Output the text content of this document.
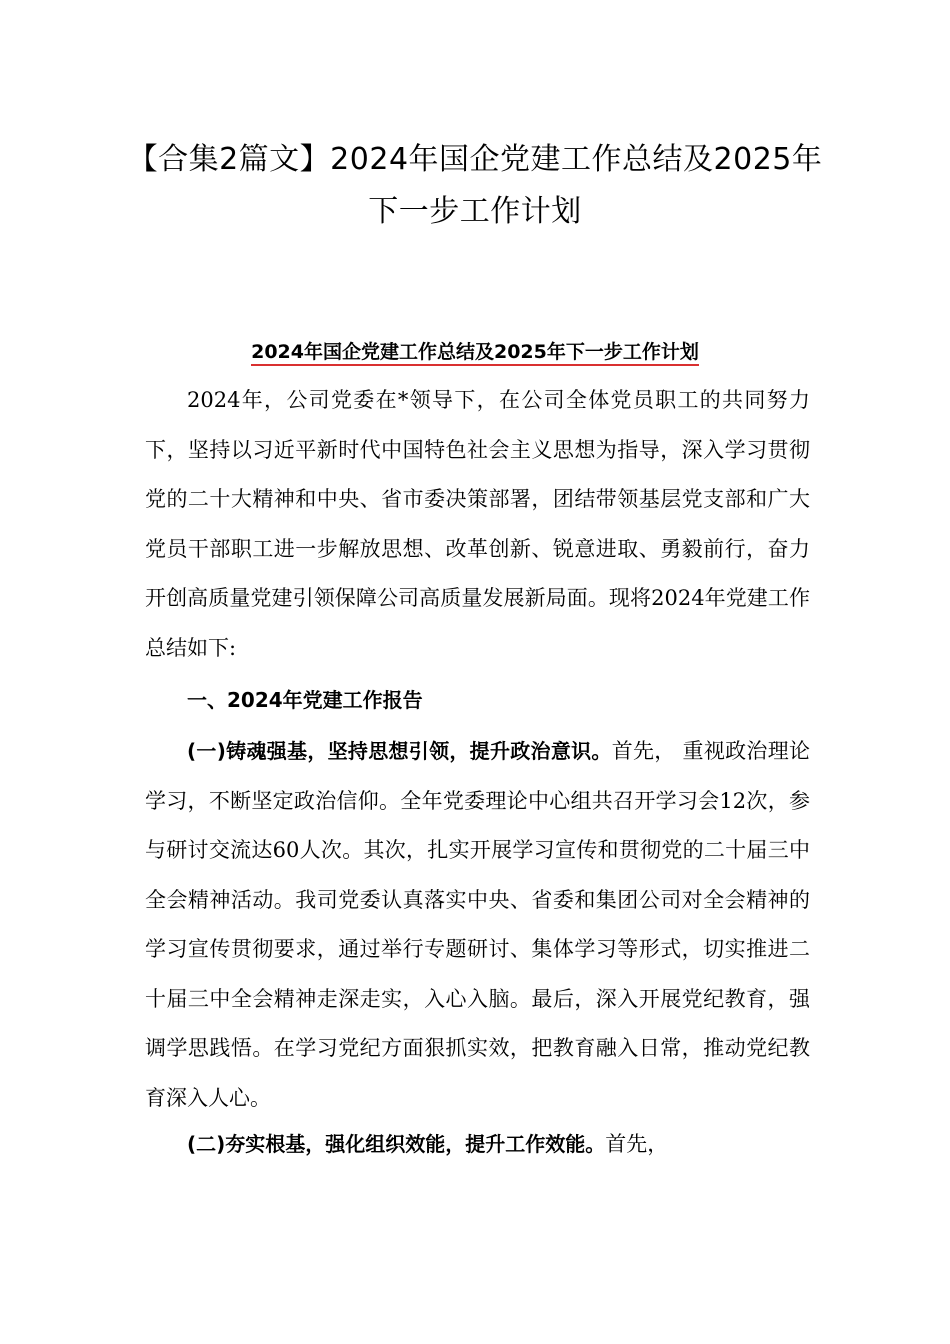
【合集2篇文】2024年国企党建工作总结及2025年
下一步工作计划
2024年国企党建工作总结及2025年下一步工作计划

2024年，公司党委在*领导下，在公司全体党员职工的共同努力下，坚持以习近平新时代中国特色社会主义思想为指导，深入学习贯彻党的二十大精神和中央、省市委决策部署，团结带领基层党支部和广大党员干部职工进一步解放思想、改革创新、锐意进取、勇毅前行，奋力开创高质量党建引领保障公司高质量发展新局面。现将2024年党建工作总结如下:

一、2024年党建工作报告

(一)铸魂强基，坚持思想引领，提升政治意识。首先， 重视政治理论学习，不断坚定政治信仰。全年党委理论中心组共召开学习会12次，参与研讨交流达60人次。其次，扎实开展学习宣传和贯彻党的二十届三中全会精神活动。我司党委认真落实中央、省委和集团公司对全会精神的学习宣传贯彻要求，通过举行专题研讨、集体学习等形式，切实推进二十届三中全会精神走深走实，入心入脑。最后，深入开展党纪教育，强调学思践悟。在学习党纪方面狠抓实效，把教育融入日常，推动党纪教育深入人心。

(二)夯实根基，强化组织效能，提升工作效能。首先，
